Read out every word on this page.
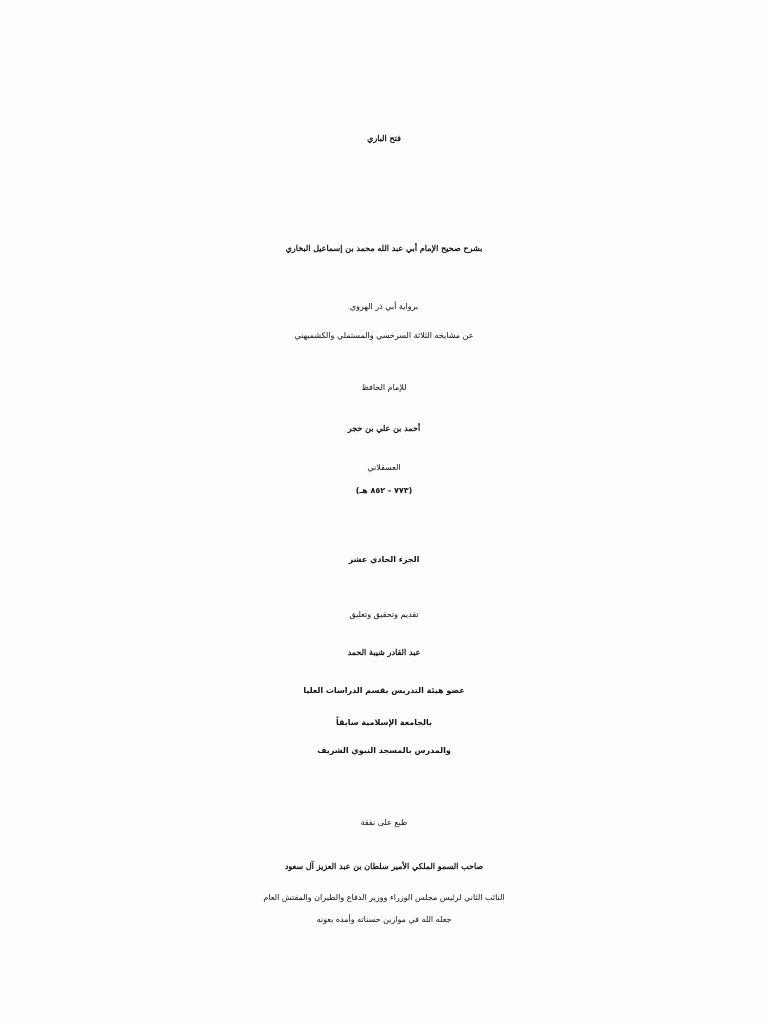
فتح الباري
بشرح صحيح الإمام أبي عبد الله محمد بن إسماعيل البخاري
برواية أبي ذر الهروي
عن مشايخه الثلاثة السرخسي والمستملي والكشميهني
للإمام الحافظ
أحمد بن علي بن حجر
العسقلاني
(٧٧٣ - ٨٥٢ هـ)
الجزء الحادي عشر
تقديم وتحقيق وتعليق
عبد القادر شيبة الحمد
عضو هيئة التدريس بقسم الدراسات العليا
بالجامعة الإسلامية سابقاً
والمدرس بالمسجد النبوي الشريف
طبع على نفقة
صاحب السمو الملكي الأمير سلطان بن عبد العزيز آل سعود
النائب الثاني لرئيس مجلس الوزراء ووزير الدفاع والطيران والمفتش العام
جعله الله في موازين حسناته وأمده بعونه
